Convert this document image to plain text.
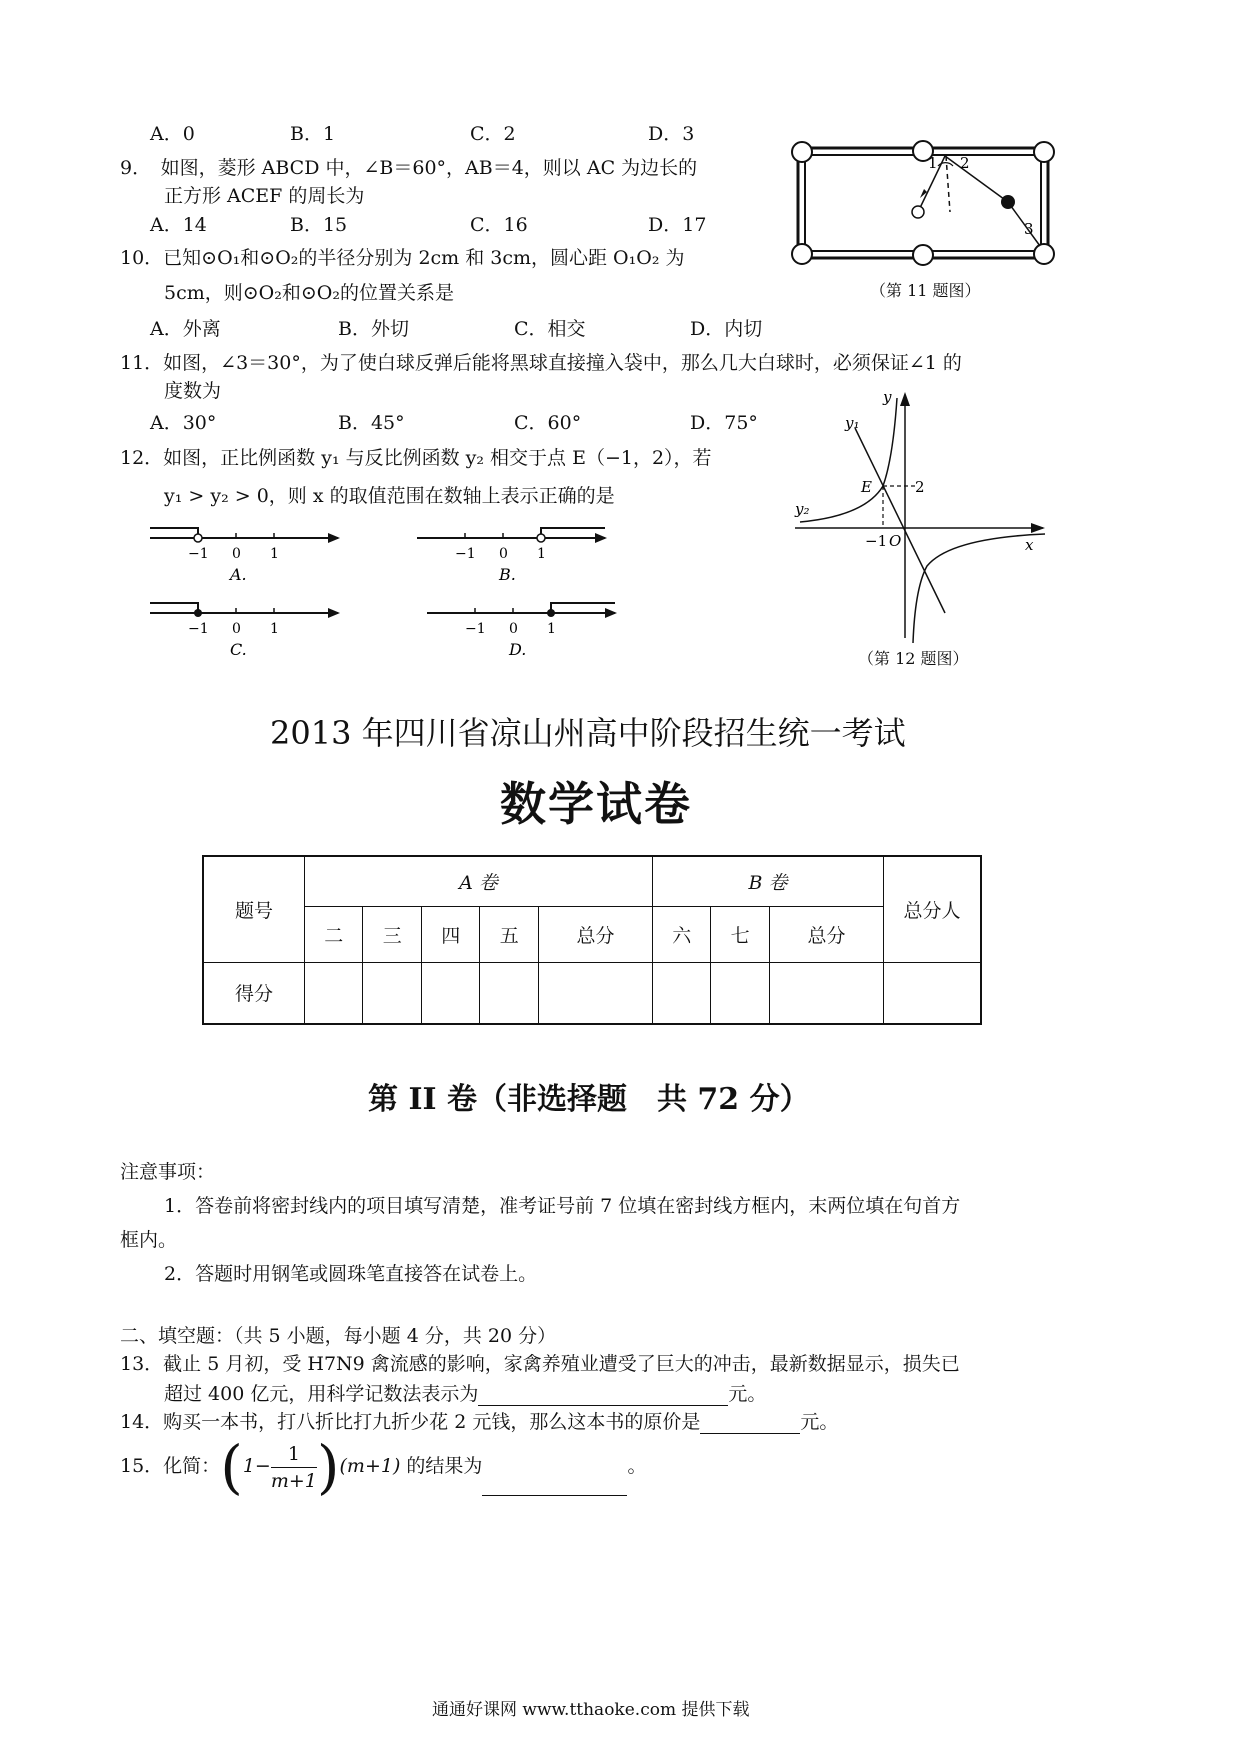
A．0	B．1	C．2	D．3
9．　如图，菱形 ABCD 中，∠B＝60°，AB＝4，则以 AC 为边长的
正方形 ACEF 的周长为
A．14	B．15	C．16	D．17
1 2
3
（第 11 题图）
10．已知⊙O₁和⊙O₂的半径分别为 2cm 和 3cm，圆心距 O₁O₂ 为
5cm，则⊙O₂和⊙O₂的位置关系是
A．外离	B．外切	C．相交	D．内切
11．如图，∠3＝30°，为了使白球反弹后能将黑球直接撞入袋中，那么几大白球时，必须保证∠1 的
度数为
A．30°	B．45°	C．60°	D．75°
12．如图，正比例函数 y₁ 与反比例函数 y₂ 相交于点 E（−1，2），若
y₁ > y₂ > 0，则 x 的取值范围在数轴上表示正确的是
−1 0 1
A.
−1 0 1
B.
−1 0 1
C.
−1 0 1
D.
y
x
y₁
y₂
E	2
−1 O
（第 12 题图）
2013 年四川省凉山州高中阶段招生统一考试
数学试卷
题号	A 卷					B 卷			总分人
	二	三	四	五	总分	六	七	总分	
得分									
第 II 卷（非选择题　共 72 分）
注意事项：
1．答卷前将密封线内的项目填写清楚，准考证号前 7 位填在密封线方框内，末两位填在句首方
框内。
2．答题时用钢笔或圆珠笔直接答在试卷上。
二、填空题：（共 5 小题，每小题 4 分，共 20 分）
13．截止 5 月初，受 H7N9 禽流感的影响，家禽养殖业遭受了巨大的冲击，最新数据显示，损失已
超过 400 亿元，用科学记数法表示为	元。
14．购买一本书，打八折比打九折少花 2 元钱，那么这本书的原价是	元。
15．化简：$(1- \frac{1}{m+1} )(m+1)$ 的结果为	。
通通好课网 www.tthaoke.com 提供下载
